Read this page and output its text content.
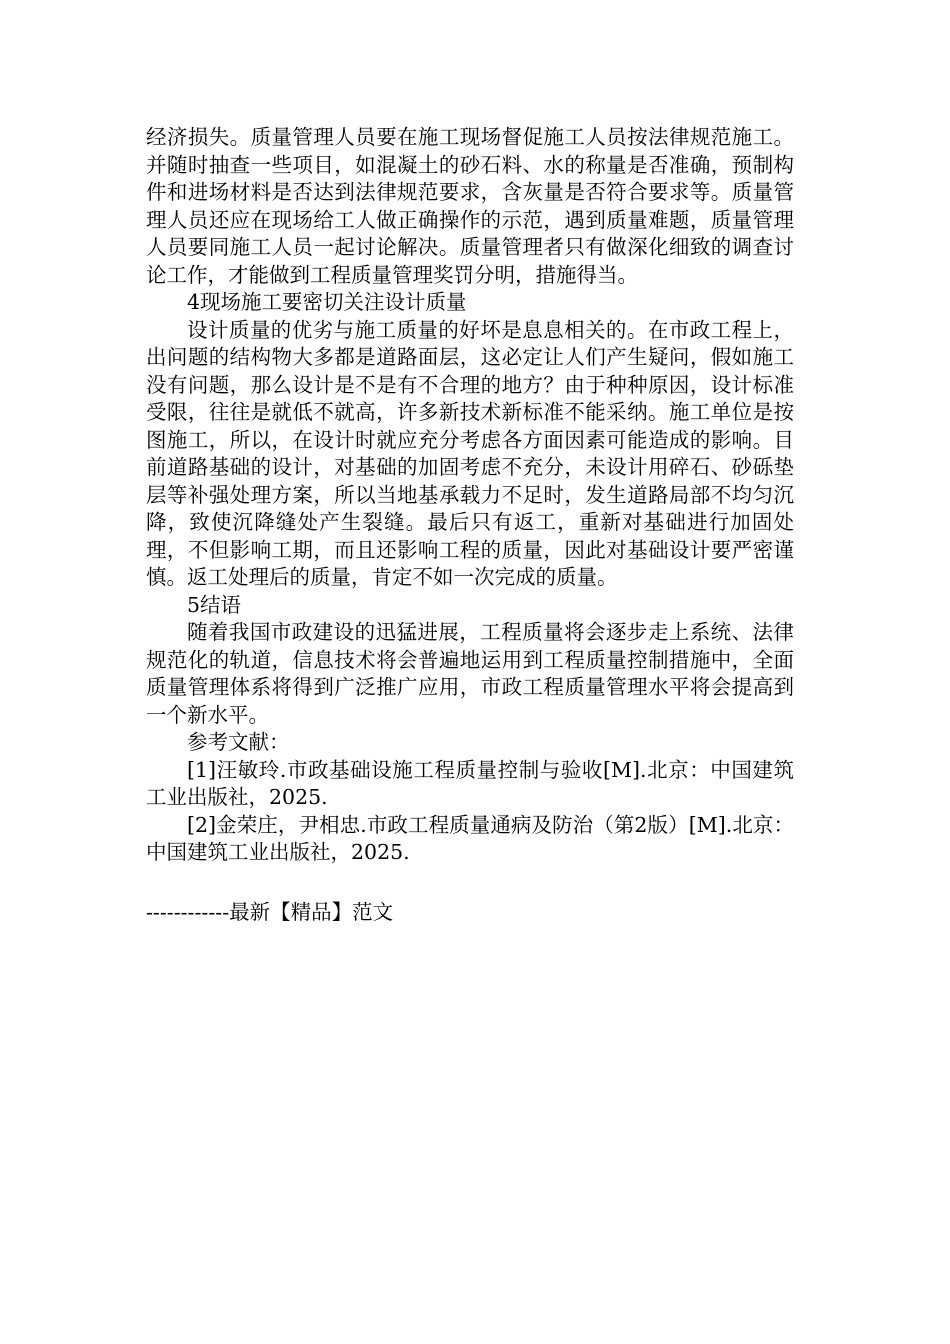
经济损失。质量管理人员要在施工现场督促施工人员按法律规范施工。并随时抽查一些项目，如混凝土的砂石料、水的称量是否准确，预制构件和进场材料是否达到法律规范要求，含灰量是否符合要求等。质量管理人员还应在现场给工人做正确操作的示范，遇到质量难题，质量管理人员要同施工人员一起讨论解决。质量管理者只有做深化细致的调查讨论工作，才能做到工程质量管理奖罚分明，措施得当。

4现场施工要密切关注设计质量

设计质量的优劣与施工质量的好坏是息息相关的。在市政工程上，出问题的结构物大多都是道路面层，这必定让人们产生疑问，假如施工没有问题，那么设计是不是有不合理的地方？由于种种原因，设计标准受限，往往是就低不就高，许多新技术新标准不能采纳。施工单位是按图施工，所以，在设计时就应充分考虑各方面因素可能造成的影响。目前道路基础的设计，对基础的加固考虑不充分，未设计用碎石、砂砾垫层等补强处理方案，所以当地基承载力不足时，发生道路局部不均匀沉降，致使沉降缝处产生裂缝。最后只有返工，重新对基础进行加固处理，不但影响工期，而且还影响工程的质量，因此对基础设计要严密谨慎。返工处理后的质量，肯定不如一次完成的质量。

5结语

随着我国市政建设的迅猛进展，工程质量将会逐步走上系统、法律规范化的轨道，信息技术将会普遍地运用到工程质量控制措施中，全面质量管理体系将得到广泛推广应用，市政工程质量管理水平将会提高到一个新水平。

参考文献：

[1]汪敏玲.市政基础设施工程质量控制与验收[M].北京：中国建筑工业出版社，2025.

[2]金荣庄，尹相忠.市政工程质量通病及防治（第2版）[M].北京：中国建筑工业出版社，2025.

------------最新【精品】范文
